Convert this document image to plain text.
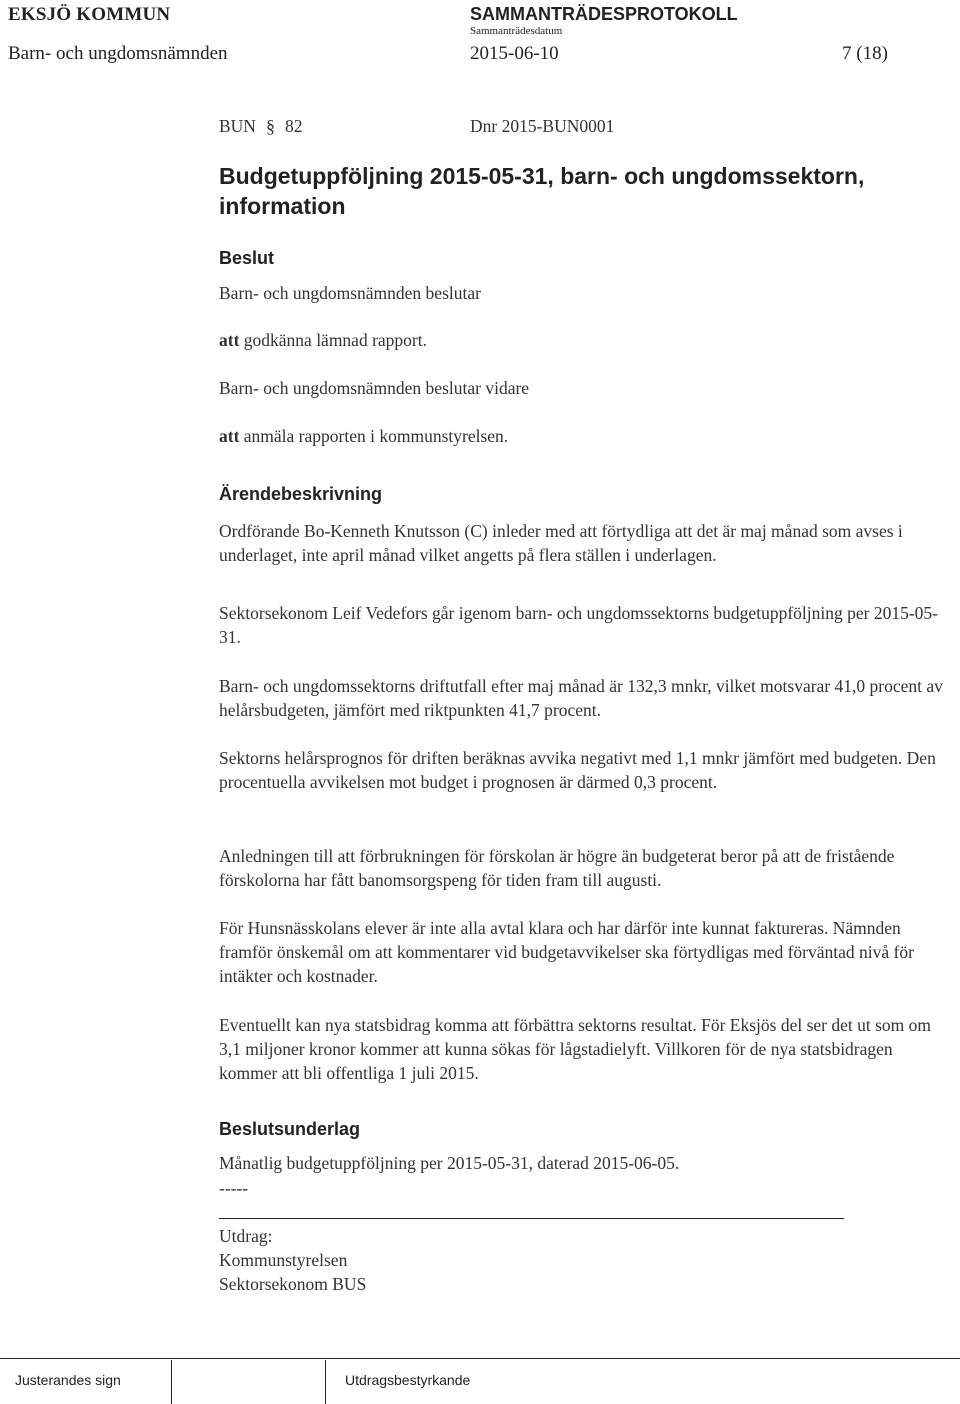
EKSJÖ KOMMUN	SAMMANTRÄDESPROTOKOLL
Sammanträdesdatum
Barn- och ungdomsnämnden	2015-06-10	7 (18)
BUN § 82	Dnr 2015-BUN0001
Budgetuppföljning 2015-05-31, barn- och ungdomssektorn,
information
Beslut
Barn- och ungdomsnämnden beslutar
att godkänna lämnad rapport.
Barn- och ungdomsnämnden beslutar vidare
att anmäla rapporten i kommunstyrelsen.
Ärendebeskrivning
Ordförande Bo-Kenneth Knutsson (C) inleder med att förtydliga att det är maj månad som avses i underlaget, inte april månad vilket angetts på flera ställen i underlagen.
Sektorsekonom Leif Vedefors går igenom barn- och ungdomssektorns budgetuppföljning per 2015-05-31.
Barn- och ungdomssektorns driftutfall efter maj månad är 132,3 mnkr, vilket motsvarar 41,0 procent av helårsbudgeten, jämfört med riktpunkten 41,7 procent.
Sektorns helårsprognos för driften beräknas avvika negativt med 1,1 mnkr jämfört med budgeten. Den procentuella avvikelsen mot budget i prognosen är därmed 0,3 procent.
Anledningen till att förbrukningen för förskolan är högre än budgeterat beror på att de fristående förskolorna har fått banomsorgspeng för tiden fram till augusti.
För Hunsnässkolans elever är inte alla avtal klara och har därför inte kunnat faktureras. Nämnden framför önskemål om att kommentarer vid budgetavvikelser ska förtydligas med förväntad nivå för intäkter och kostnader.
Eventuellt kan nya statsbidrag komma att förbättra sektorns resultat. För Eksjös del ser det ut som om 3,1 miljoner kronor kommer att kunna sökas för lågstadielyft. Villkoren för de nya statsbidragen kommer att bli offentliga 1 juli 2015.
Beslutsunderlag
Månatlig budgetuppföljning per 2015-05-31, daterad 2015-06-05.
-----
Utdrag:
Kommunstyrelsen
Sektorsekonom BUS
Justerandes sign	Utdragsbestyrkande
